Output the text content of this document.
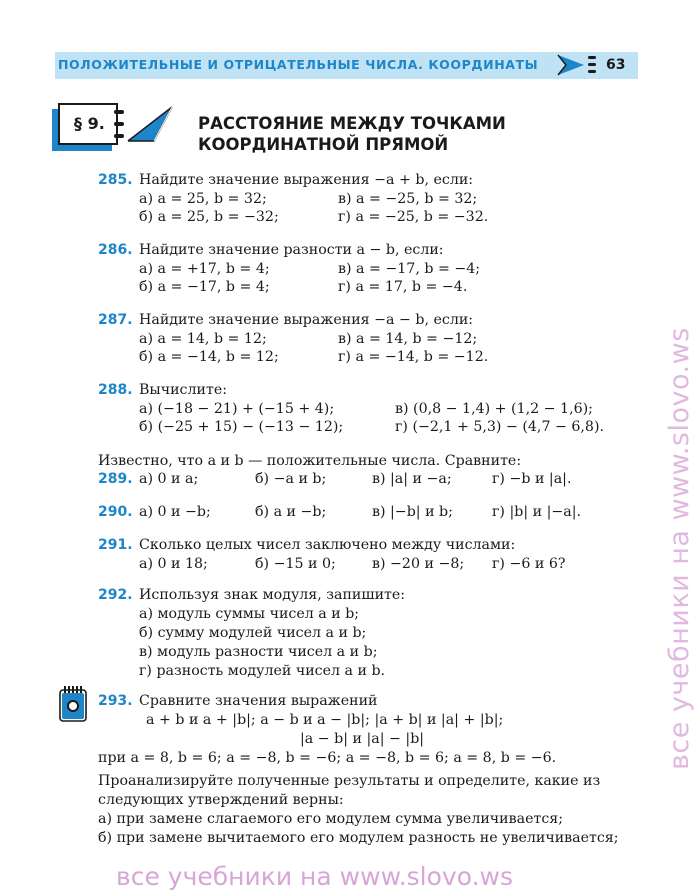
ПОЛОЖИТЕЛЬНЫЕ И ОТРИЦАТЕЛЬНЫЕ ЧИСЛА. КООРДИНАТЫ	63
§ 9.	РАССТОЯНИЕ МЕЖДУ ТОЧКАМИ
КООРДИНАТНОЙ ПРЯМОЙ
285. Найдите значение выражения −a + b, если:
а) a = 25, b = 32;	в) a = −25, b = 32;
б) a = 25, b = −32;	г) a = −25, b = −32.
286. Найдите значение разности a − b, если:
а) a = +17, b = 4;	в) a = −17, b = −4;
б) a = −17, b = 4;	г) a = 17, b = −4.
287. Найдите значение выражения −a − b, если:
а) a = 14, b = 12;	в) a = 14, b = −12;
б) a = −14, b = 12;	г) a = −14, b = −12.
288. Вычислите:
а) (−18 − 21) + (−15 + 4);	в) (0,8 − 1,4) + (1,2 − 1,6);
б) (−25 + 15) − (−13 − 12);	г) (−2,1 + 5,3) − (4,7 − 6,8).
Известно, что a и b — положительные числа. Сравните:
289. а) 0 и a;	б) −a и b;	в) |a| и −a;	г) −b и |a|.
290. а) 0 и −b;	б) a и −b;	в) |−b| и b;	г) |b| и |−a|.
291. Сколько целых чисел заключено между числами:
а) 0 и 18;	б) −15 и 0;	в) −20 и −8; г) −6 и 6?
292. Используя знак модуля, запишите:
а) модуль суммы чисел a и b;
б) сумму модулей чисел a и b;
в) модуль разности чисел a и b;
г) разность модулей чисел a и b.
293. Сравните значения выражений
a + b и a + |b|; a − b и a − |b|; |a + b| и |a| + |b|;
|a − b| и |a| − |b|
при a = 8, b = 6; a = −8, b = −6; a = −8, b = 6; a = 8, b = −6.
Проанализируйте полученные результаты и определите, какие из
следующих утверждений верны:
а) при замене слагаемого его модулем сумма увеличивается;
б) при замене вычитаемого его модулем разность не увеличивается;
все учебники на www.slovo.ws
все учебники на www.slovo.ws
